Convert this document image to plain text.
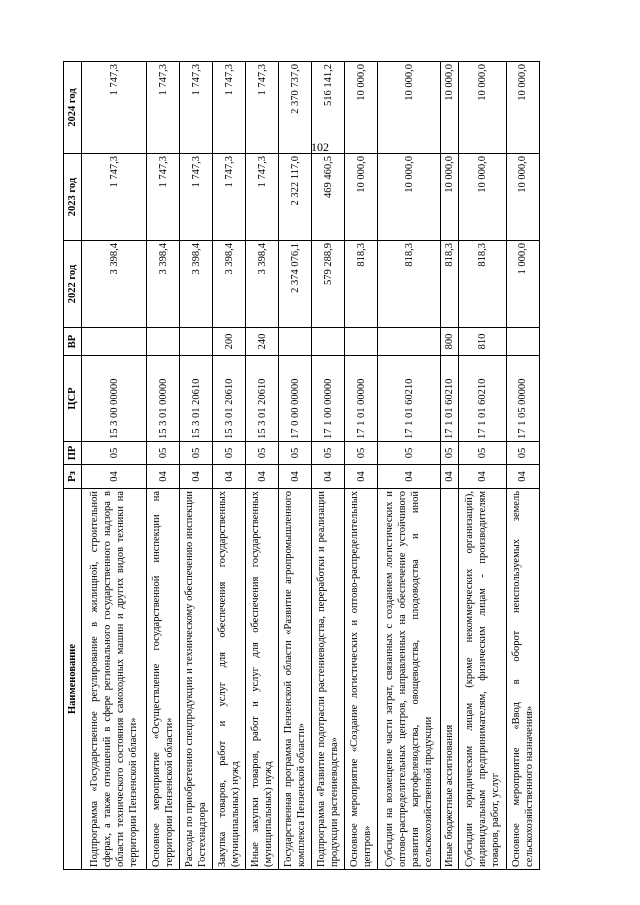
102
Наименование	Рз	ПР	ЦСР	ВР	2022 год	2023 год	2024 год
Подпрограмма «Государственное регулирование в жилищной, строительной сферах, а также отношений в сфере регионального государственного надзора в области технического состояния самоходных машин и других видов техники на территории Пензенской области»	04	05	15 3 00 00000		3 398,4	1 747,3	1 747,3
Основное мероприятие «Осуществление государственной инспекции на территории Пензенской области»	04	05	15 3 01 00000		3 398,4	1 747,3	1 747,3
Расходы по приобретению спецпродукции и техническому обеспечению инспекции Гостехнадзора	04	05	15 3 01 20610		3 398,4	1 747,3	1 747,3
Закупка товаров, работ и услуг для обеспечения государственных (муниципальных) нужд	04	05	15 3 01 20610	200	3 398,4	1 747,3	1 747,3
Иные закупки товаров, работ и услуг для обеспечения государственных (муниципальных) нужд	04	05	15 3 01 20610	240	3 398,4	1 747,3	1 747,3
Государственная программа Пензенской области «Развитие агропромышленного комплекса Пензенской области»	04	05	17 0 00 00000		2 374 076,1	2 322 117,0	2 370 737,0
Подпрограмма «Развитие подотрасли растениеводства, переработки и реализации продукции растениеводства»	04	05	17 1 00 00000		579 288,9	469 460,5	516 141,2
Основное мероприятие «Создание логистических и оптово-распределительных центров»	04	05	17 1 01 00000		818,3	10 000,0	10 000,0
Субсидии на возмещение части затрат, связанных с созданием логистических и оптово-распределительных центров, направленных на обеспечение устойчивого развития картофелеводства, овощеводства, плодоводства и иной сельскохозяйственной продукции	04	05	17 1 01 60210		818,3	10 000,0	10 000,0
Иные бюджетные ассигнования	04	05	17 1 01 60210	800	818,3	10 000,0	10 000,0
Субсидии юридическим лицам (кроме некоммерческих организаций), индивидуальным предпринимателям, физическим лицам - производителям товаров, работ, услуг	04	05	17 1 01 60210	810	818,3	10 000,0	10 000,0
Основное мероприятие «Ввод в оборот неиспользуемых земель сельскохозяйственного назначения»	04	05	17 1 05 00000		1 000,0	10 000,0	10 000,0
